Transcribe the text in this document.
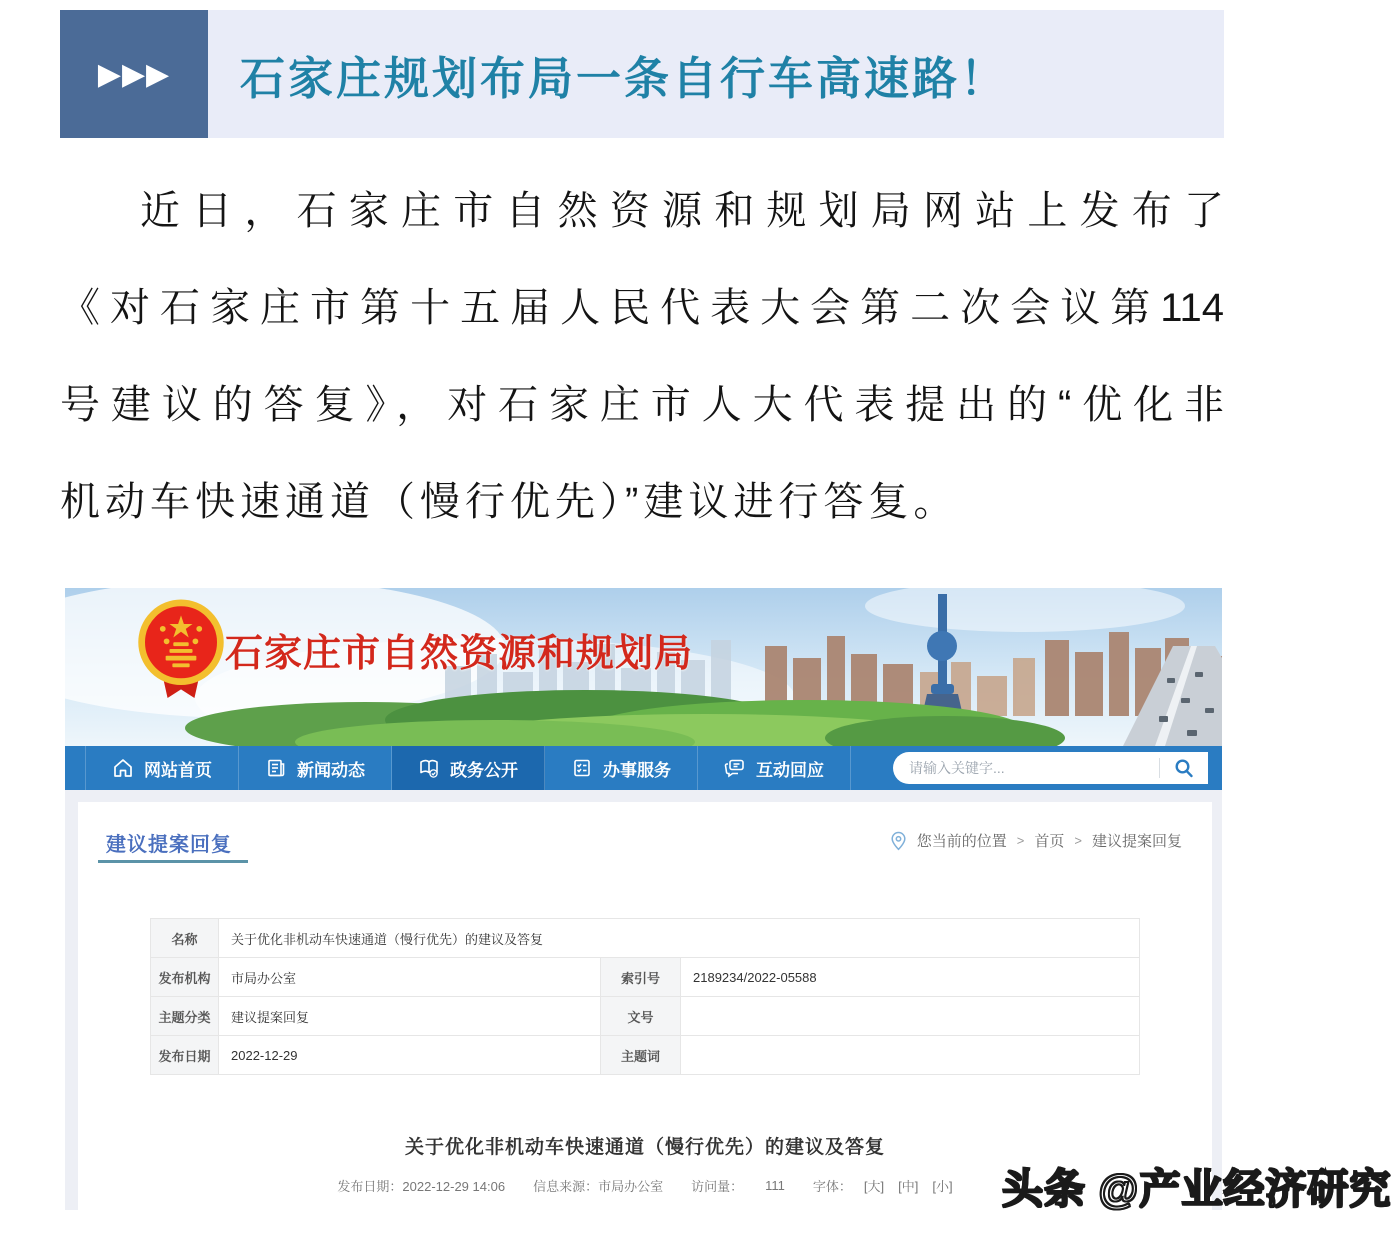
▶▶▶ 石家庄规划布局一条自行车高速路！
近日，石家庄市自然资源和规划局网站上发布了
《对石家庄市第十五届人民代表大会第二次会议第114
号建议的答复》，对石家庄市人大代表提出的“优化非
机动车快速通道（慢行优先）”建议进行答复。
石家庄市自然资源和规划局
网站首页	新闻动态	政务公开	办事服务	互动回应
请输入关键字...
建议提案回复	您当前的位置 > 首页 > 建议提案回复
名称	关于优化非机动车快速通道（慢行优先）的建议及答复		
发布机构	市局办公室	索引号	2189234/2022-05588
主题分类	建议提案回复	文号	
发布日期	2022-12-29	主题词	
关于优化非机动车快速通道（慢行优先）的建议及答复
发布日期：2022-12-29 14:06 信息来源：市局办公室 访问量： 111 字体： [大] [中] [小] 头条 @产业经济研究
